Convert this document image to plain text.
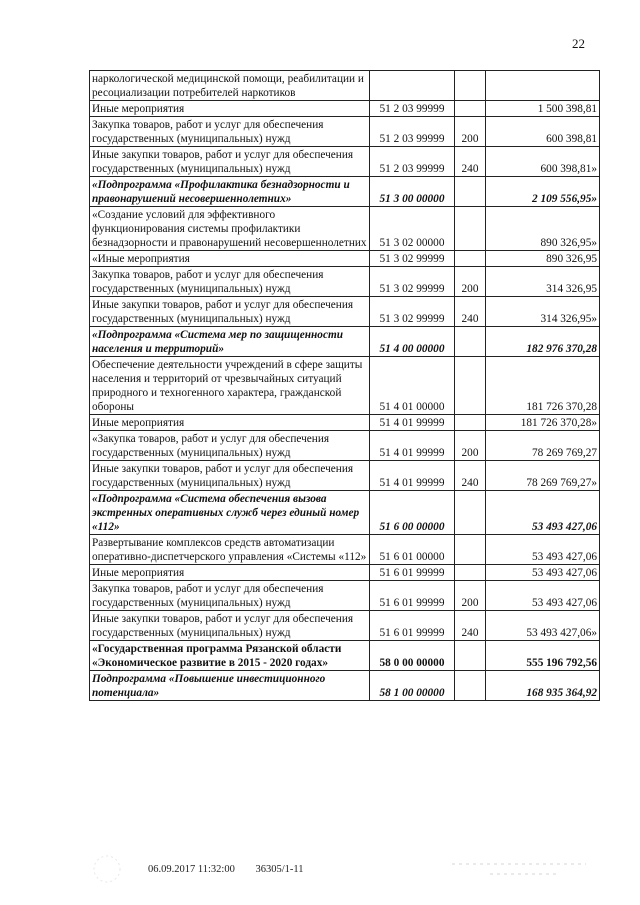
22
наркологической медицинской помощи, реабилитации и ресоциализации потребителей наркотиков			
Иные мероприятия	51 2 03 99999		1 500 398,81
Закупка товаров, работ и услуг для обеспечения государственных (муниципальных) нужд	51 2 03 99999	200	600 398,81
Иные закупки товаров, работ и услуг для обеспечения государственных (муниципальных) нужд	51 2 03 99999	240	600 398,81»
«Подпрограмма «Профилактика безнадзорности и правонарушений несовершеннолетних»	51 3 00 00000		2 109 556,95»
«Создание условий для эффективного функционирования системы профилактики безнадзорности и правонарушений несовершеннолетних	51 3 02 00000		890 326,95»
«Иные мероприятия	51 3 02 99999		890 326,95
Закупка товаров, работ и услуг для обеспечения государственных (муниципальных) нужд	51 3 02 99999	200	314 326,95
Иные закупки товаров, работ и услуг для обеспечения государственных (муниципальных) нужд	51 3 02 99999	240	314 326,95»
«Подпрограмма «Система мер по защищенности населения и территорий»	51 4 00 00000		182 976 370,28
Обеспечение деятельности учреждений в сфере защиты населения и территорий от чрезвычайных ситуаций природного и техногенного характера, гражданской обороны	51 4 01 00000		181 726 370,28
Иные мероприятия	51 4 01 99999		181 726 370,28»
«Закупка товаров, работ и услуг для обеспечения государственных (муниципальных) нужд	51 4 01 99999	200	78 269 769,27
Иные закупки товаров, работ и услуг для обеспечения государственных (муниципальных) нужд	51 4 01 99999	240	78 269 769,27»
«Подпрограмма «Система обеспечения вызова экстренных оперативных служб через единый номер «112»	51 6 00 00000		53 493 427,06
Развертывание комплексов средств автоматизации оперативно-диспетчерского управления «Системы «112»	51 6 01 00000		53 493 427,06
Иные мероприятия	51 6 01 99999		53 493 427,06
Закупка товаров, работ и услуг для обеспечения государственных (муниципальных) нужд	51 6 01 99999	200	53 493 427,06
Иные закупки товаров, работ и услуг для обеспечения государственных (муниципальных) нужд	51 6 01 99999	240	53 493 427,06»
«Государственная программа Рязанской области «Экономическое развитие в 2015 - 2020 годах»	58 0 00 00000		555 196 792,56
Подпрограмма «Повышение инвестиционного потенциала»	58 1 00 00000		168 935 364,92
06.09.2017 11:32:00 36305/1-11
